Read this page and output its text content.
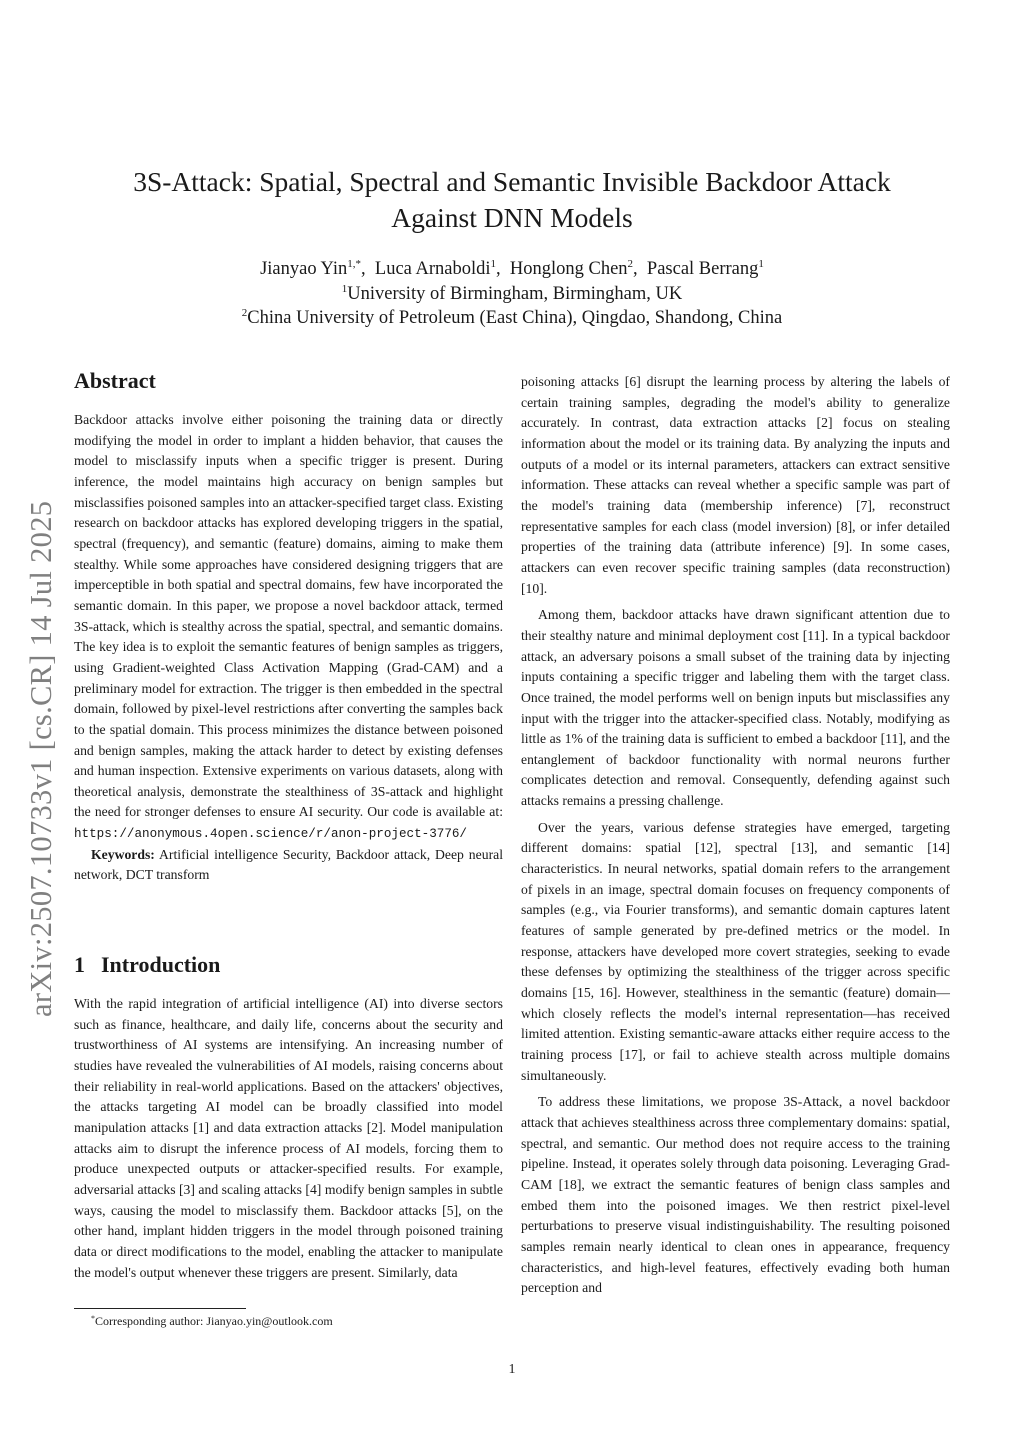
arXiv:2507.10733v1 [cs.CR] 14 Jul 2025
3S-Attack: Spatial, Spectral and Semantic Invisible Backdoor Attack
Against DNN Models
Jianyao Yin$^{1,*}$,  Luca Arnaboldi$^1$,  Honglong Chen$^2$,  Pascal Berrang$^1$
$^1$University of Birmingham, Birmingham, UK
$^2$China University of Petroleum (East China), Qingdao, Shandong, China
Abstract

Backdoor attacks involve either poisoning the training data or directly modifying the model in order to implant a hidden behavior, that causes the model to misclassify inputs when a specific trigger is present. During inference, the model maintains high accuracy on benign samples but misclassifies poisoned samples into an attacker-specified target class. Existing research on backdoor attacks has explored developing triggers in the spatial, spectral (frequency), and semantic (feature) domains, aiming to make them stealthy. While some approaches have considered designing triggers that are imperceptible in both spatial and spectral domains, few have incorporated the semantic domain. In this paper, we propose a novel backdoor attack, termed 3S-attack, which is stealthy across the spatial, spectral, and semantic domains. The key idea is to exploit the semantic features of benign samples as triggers, using Gradient-weighted Class Activation Mapping (Grad-CAM) and a preliminary model for extraction. The trigger is then embedded in the spectral domain, followed by pixel-level restrictions after converting the samples back to the spatial domain. This process minimizes the distance between poisoned and benign samples, making the attack harder to detect by existing defenses and human inspection. Extensive experiments on various datasets, along with theoretical analysis, demonstrate the stealthiness of 3S-attack and highlight the need for stronger defenses to ensure AI security. Our code is available at: https://anonymous.4open.science/r/anon-project-3776/

Keywords: Artificial intelligence Security, Backdoor attack, Deep neural network, DCT transform

1 Introduction

With the rapid integration of artificial intelligence (AI) into diverse sectors such as finance, healthcare, and daily life, concerns about the security and trustworthiness of AI systems are intensifying. An increasing number of studies have revealed the vulnerabilities of AI models, raising concerns about their reliability in real-world applications. Based on the attackers' objectives, the attacks targeting AI model can be broadly classified into model manipulation attacks [1] and data extraction attacks [2]. Model manipulation attacks aim to disrupt the inference process of AI models, forcing them to produce unexpected outputs or attacker-specified results. For example, adversarial attacks [3] and scaling attacks [4] modify benign samples in subtle ways, causing the model to misclassify them. Backdoor attacks [5], on the other hand, implant hidden triggers in the model through poisoned training data or direct modifications to the model, enabling the attacker to manipulate the model's output whenever these triggers are present. Similarly, data

poisoning attacks [6] disrupt the learning process by altering the labels of certain training samples, degrading the model's ability to generalize accurately. In contrast, data extraction attacks [2] focus on stealing information about the model or its training data. By analyzing the inputs and outputs of a model or its internal parameters, attackers can extract sensitive information. These attacks can reveal whether a specific sample was part of the model's training data (membership inference) [7], reconstruct representative samples for each class (model inversion) [8], or infer detailed properties of the training data (attribute inference) [9]. In some cases, attackers can even recover specific training samples (data reconstruction) [10].

Among them, backdoor attacks have drawn significant attention due to their stealthy nature and minimal deployment cost [11]. In a typical backdoor attack, an adversary poisons a small subset of the training data by injecting inputs containing a specific trigger and labeling them with the target class. Once trained, the model performs well on benign inputs but misclassifies any input with the trigger into the attacker-specified class. Notably, modifying as little as 1% of the training data is sufficient to embed a backdoor [11], and the entanglement of backdoor functionality with normal neurons further complicates detection and removal. Consequently, defending against such attacks remains a pressing challenge.

Over the years, various defense strategies have emerged, targeting different domains: spatial [12], spectral [13], and semantic [14] characteristics. In neural networks, spatial domain refers to the arrangement of pixels in an image, spectral domain focuses on frequency components of samples (e.g., via Fourier transforms), and semantic domain captures latent features of sample generated by pre-defined metrics or the model. In response, attackers have developed more covert strategies, seeking to evade these defenses by optimizing the stealthiness of the trigger across specific domains [15, 16]. However, stealthiness in the semantic (feature) domain—which closely reflects the model's internal representation—has received limited attention. Existing semantic-aware attacks either require access to the training process [17], or fail to achieve stealth across multiple domains simultaneously.

To address these limitations, we propose 3S-Attack, a novel backdoor attack that achieves stealthiness across three complementary domains: spatial, spectral, and semantic. Our method does not require access to the training pipeline. Instead, it operates solely through data poisoning. Leveraging Grad-CAM [18], we extract the semantic features of benign class samples and embed them into the poisoned images. We then restrict pixel-level perturbations to preserve visual indistinguishability. The resulting poisoned samples remain nearly identical to clean ones in appearance, frequency characteristics, and high-level features, effectively evading both human perception and

*Corresponding author: Jianyao.yin@outlook.com
1
